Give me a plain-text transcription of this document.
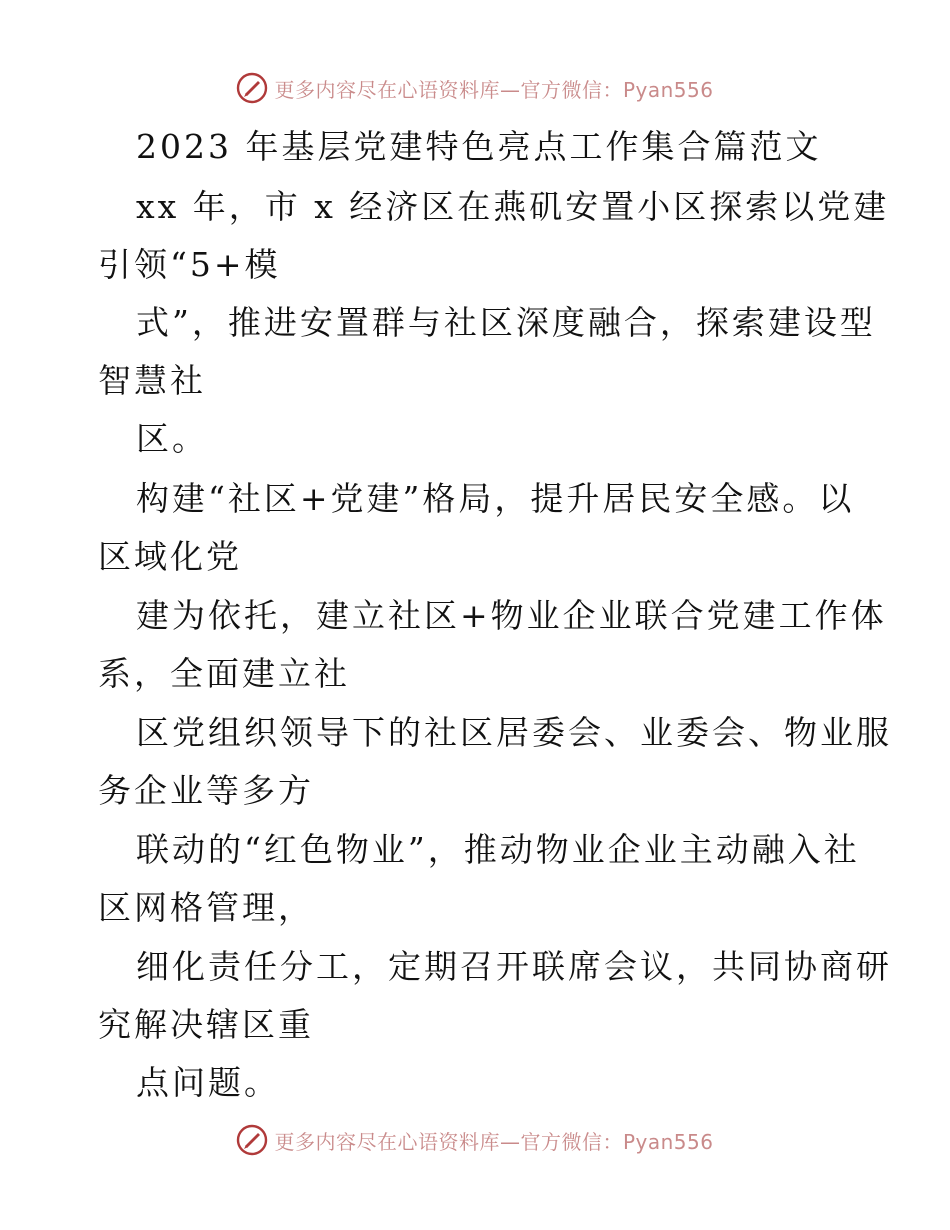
更多内容尽在心语资料库—官方微信：Pyan556
2023 年基层党建特色亮点工作集合篇范文
xx 年，市 x 经济区在燕矶安置小区探索以党建
引领“5+模
式”，推进安置群与社区深度融合，探索建设型
智慧社
区。
构建“社区+党建”格局，提升居民安全感。以
区域化党
建为依托，建立社区+物业企业联合党建工作体
系，全面建立社
区党组织领导下的社区居委会、业委会、物业服
务企业等多方
联动的“红色物业”，推动物业企业主动融入社
区网格管理，
细化责任分工，定期召开联席会议，共同协商研
究解决辖区重
点问题。
更多内容尽在心语资料库—官方微信：Pyan556
